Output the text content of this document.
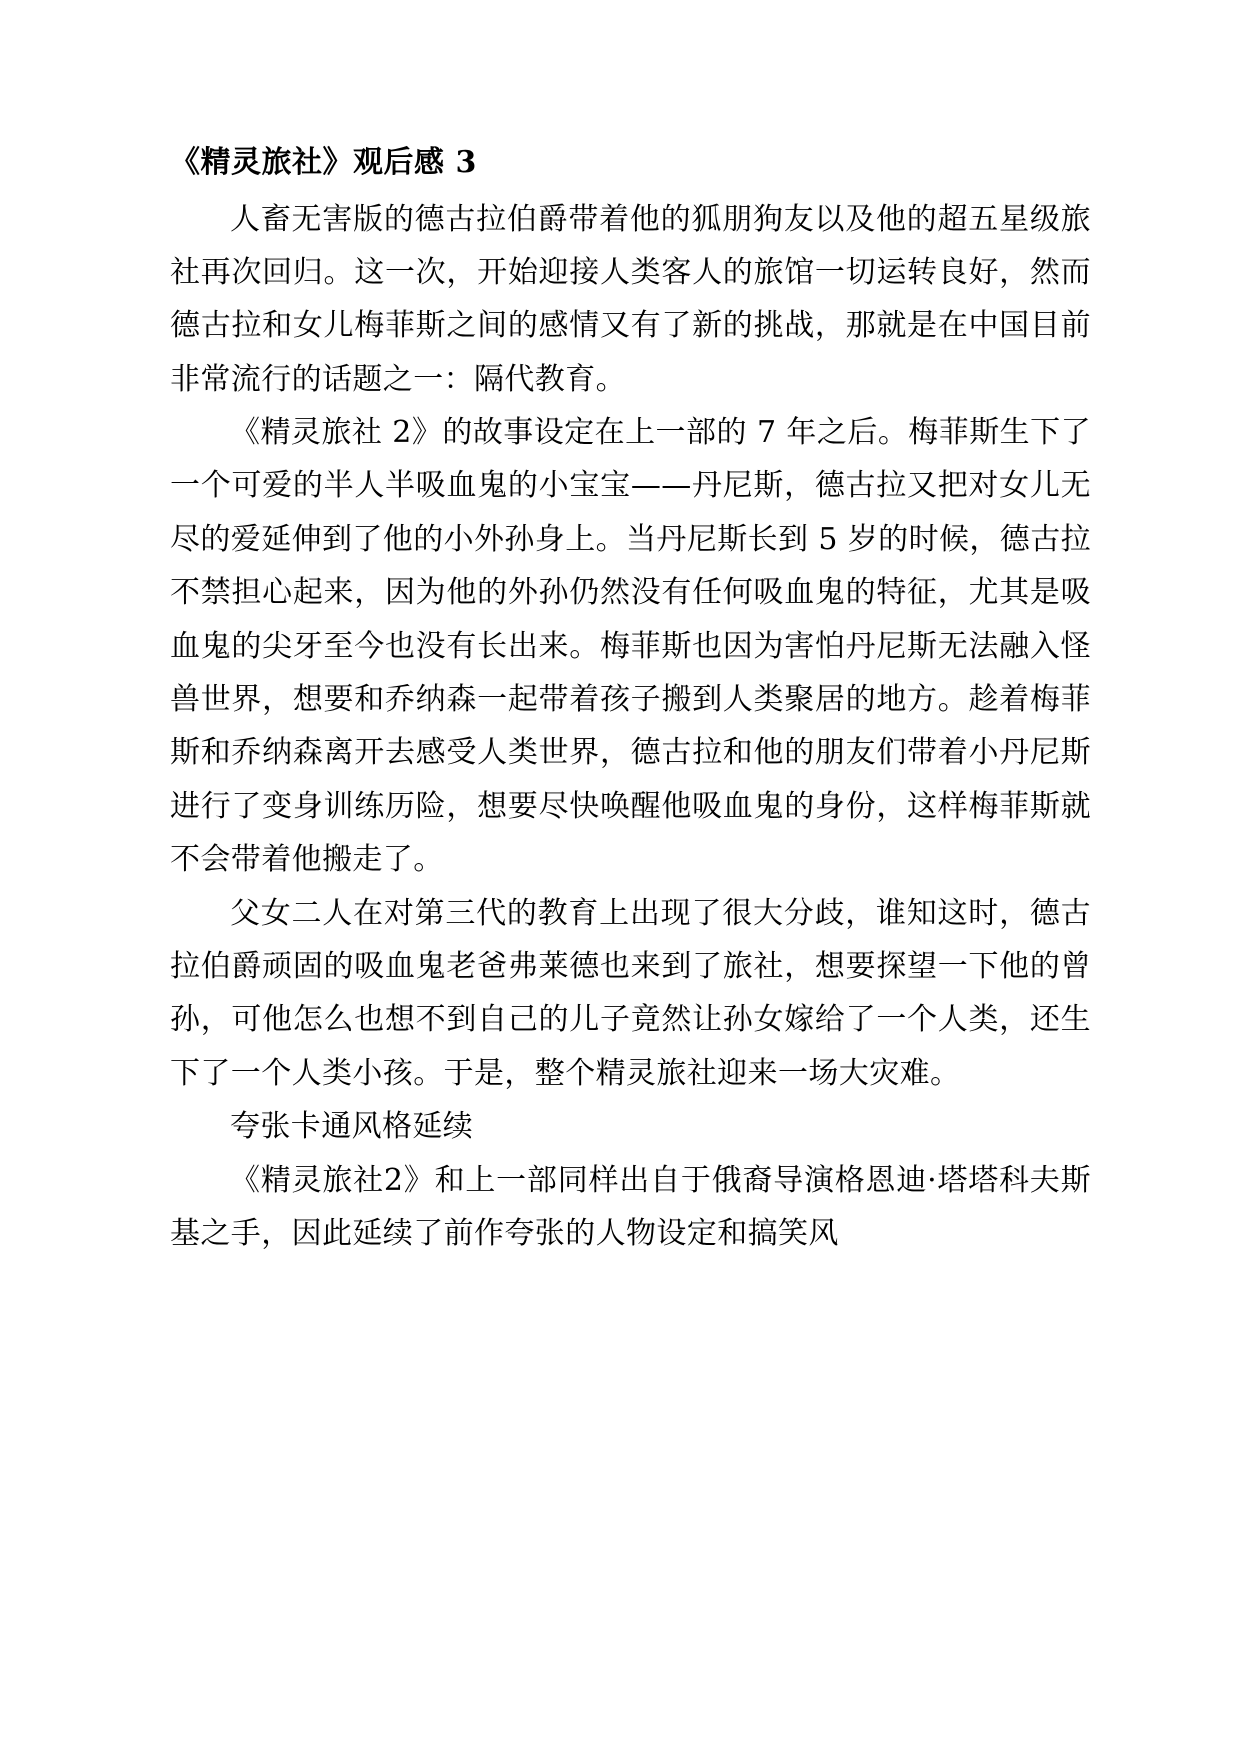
《精灵旅社》观后感 3

人畜无害版的德古拉伯爵带着他的狐朋狗友以及他的超五星级旅社再次回归。这一次，开始迎接人类客人的旅馆一切运转良好，然而德古拉和女儿梅菲斯之间的感情又有了新的挑战，那就是在中国目前非常流行的话题之一：隔代教育。

《精灵旅社 2》的故事设定在上一部的 7 年之后。梅菲斯生下了一个可爱的半人半吸血鬼的小宝宝——丹尼斯，德古拉又把对女儿无尽的爱延伸到了他的小外孙身上。当丹尼斯长到 5 岁的时候，德古拉不禁担心起来，因为他的外孙仍然没有任何吸血鬼的特征，尤其是吸血鬼的尖牙至今也没有长出来。梅菲斯也因为害怕丹尼斯无法融入怪兽世界，想要和乔纳森一起带着孩子搬到人类聚居的地方。趁着梅菲斯和乔纳森离开去感受人类世界，德古拉和他的朋友们带着小丹尼斯进行了变身训练历险，想要尽快唤醒他吸血鬼的身份，这样梅菲斯就不会带着他搬走了。

父女二人在对第三代的教育上出现了很大分歧，谁知这时，德古拉伯爵顽固的吸血鬼老爸弗莱德也来到了旅社，想要探望一下他的曾孙，可他怎么也想不到自己的儿子竟然让孙女嫁给了一个人类，还生下了一个人类小孩。于是，整个精灵旅社迎来一场大灾难。

夸张卡通风格延续

《精灵旅社2》和上一部同样出自于俄裔导演格恩迪·塔塔科夫斯基之手，因此延续了前作夸张的人物设定和搞笑风
